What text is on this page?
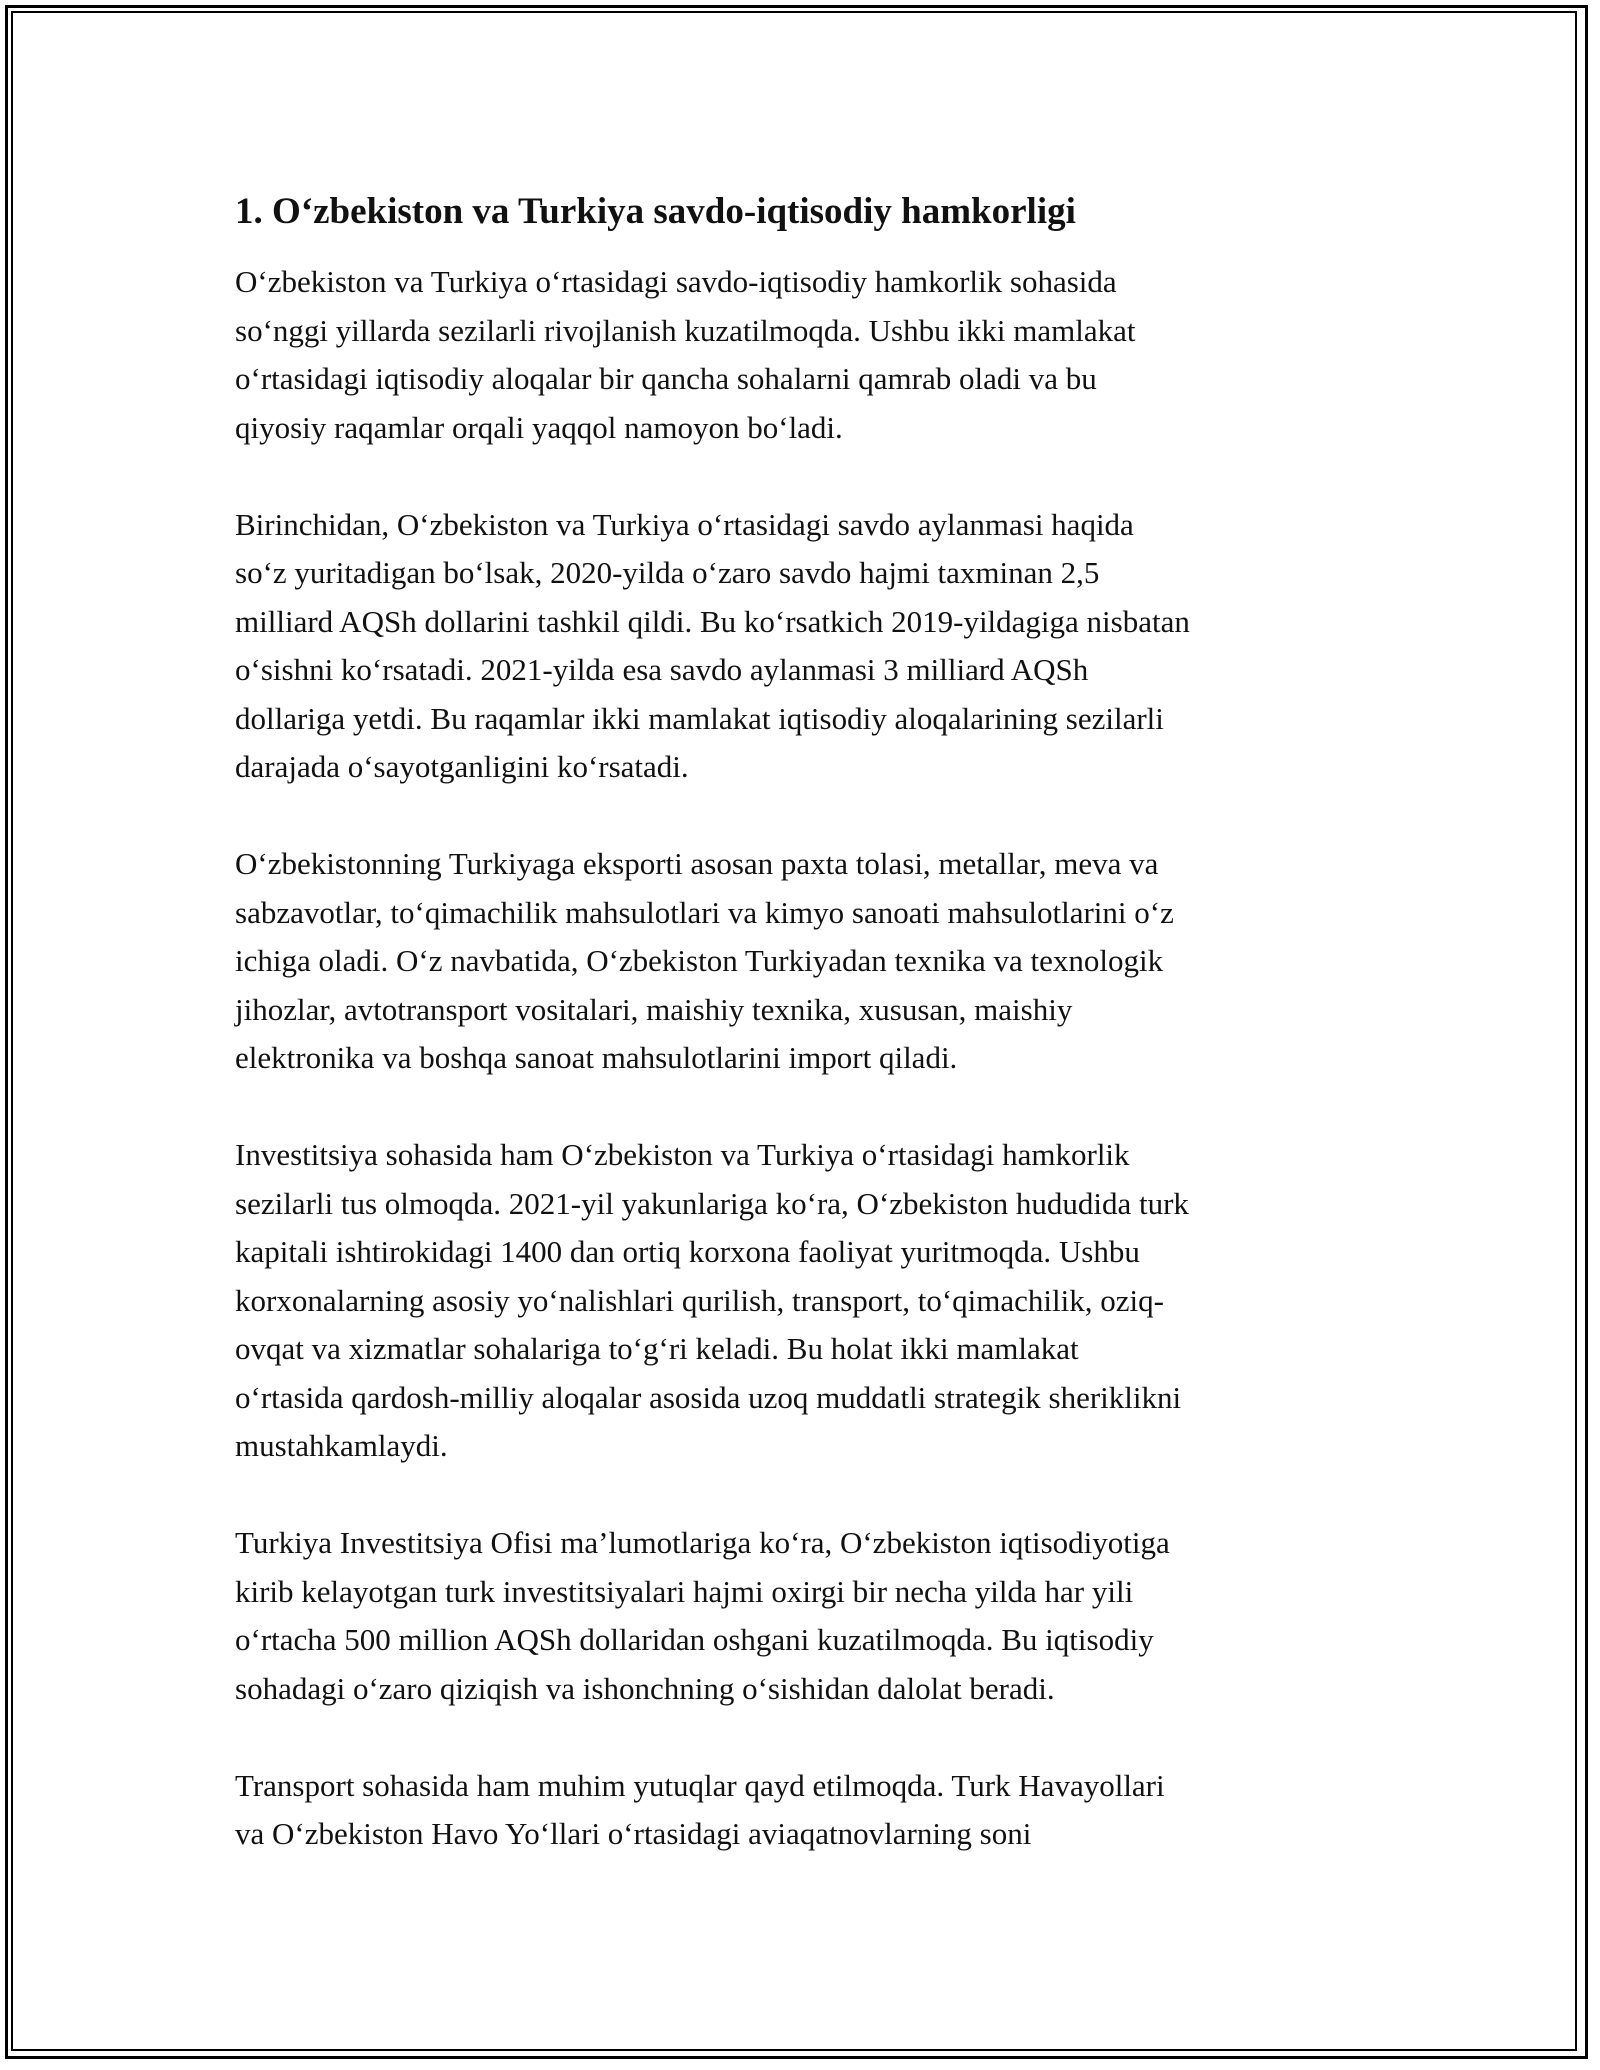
1. O‘zbekiston va Turkiya savdo-iqtisodiy hamkorligi

O‘zbekiston va Turkiya o‘rtasidagi savdo-iqtisodiy hamkorlik sohasida
so‘nggi yillarda sezilarli rivojlanish kuzatilmoqda. Ushbu ikki mamlakat
o‘rtasidagi iqtisodiy aloqalar bir qancha sohalarni qamrab oladi va bu
qiyosiy raqamlar orqali yaqqol namoyon bo‘ladi.

Birinchidan, O‘zbekiston va Turkiya o‘rtasidagi savdo aylanmasi haqida
so‘z yuritadigan bo‘lsak, 2020-yilda o‘zaro savdo hajmi taxminan 2,5
milliard AQSh dollarini tashkil qildi. Bu ko‘rsatkich 2019-yildagiga nisbatan
o‘sishni ko‘rsatadi. 2021-yilda esa savdo aylanmasi 3 milliard AQSh
dollariga yetdi. Bu raqamlar ikki mamlakat iqtisodiy aloqalarining sezilarli
darajada o‘sayotganligini ko‘rsatadi.

O‘zbekistonning Turkiyaga eksporti asosan paxta tolasi, metallar, meva va
sabzavotlar, to‘qimachilik mahsulotlari va kimyo sanoati mahsulotlarini o‘z
ichiga oladi. O‘z navbatida, O‘zbekiston Turkiyadan texnika va texnologik
jihozlar, avtotransport vositalari, maishiy texnika, xususan, maishiy
elektronika va boshqa sanoat mahsulotlarini import qiladi.

Investitsiya sohasida ham O‘zbekiston va Turkiya o‘rtasidagi hamkorlik
sezilarli tus olmoqda. 2021-yil yakunlariga ko‘ra, O‘zbekiston hududida turk
kapitali ishtirokidagi 1400 dan ortiq korxona faoliyat yuritmoqda. Ushbu
korxonalarning asosiy yo‘nalishlari qurilish, transport, to‘qimachilik, oziq-
ovqat va xizmatlar sohalariga to‘g‘ri keladi. Bu holat ikki mamlakat
o‘rtasida qardosh-milliy aloqalar asosida uzoq muddatli strategik sheriklikni
mustahkamlaydi.

Turkiya Investitsiya Ofisi ma’lumotlariga ko‘ra, O‘zbekiston iqtisodiyotiga
kirib kelayotgan turk investitsiyalari hajmi oxirgi bir necha yilda har yili
o‘rtacha 500 million AQSh dollaridan oshgani kuzatilmoqda. Bu iqtisodiy
sohadagi o‘zaro qiziqish va ishonchning o‘sishidan dalolat beradi.

Transport sohasida ham muhim yutuqlar qayd etilmoqda. Turk Havayollari
va O‘zbekiston Havo Yo‘llari o‘rtasidagi aviaqatnovlarning soni
